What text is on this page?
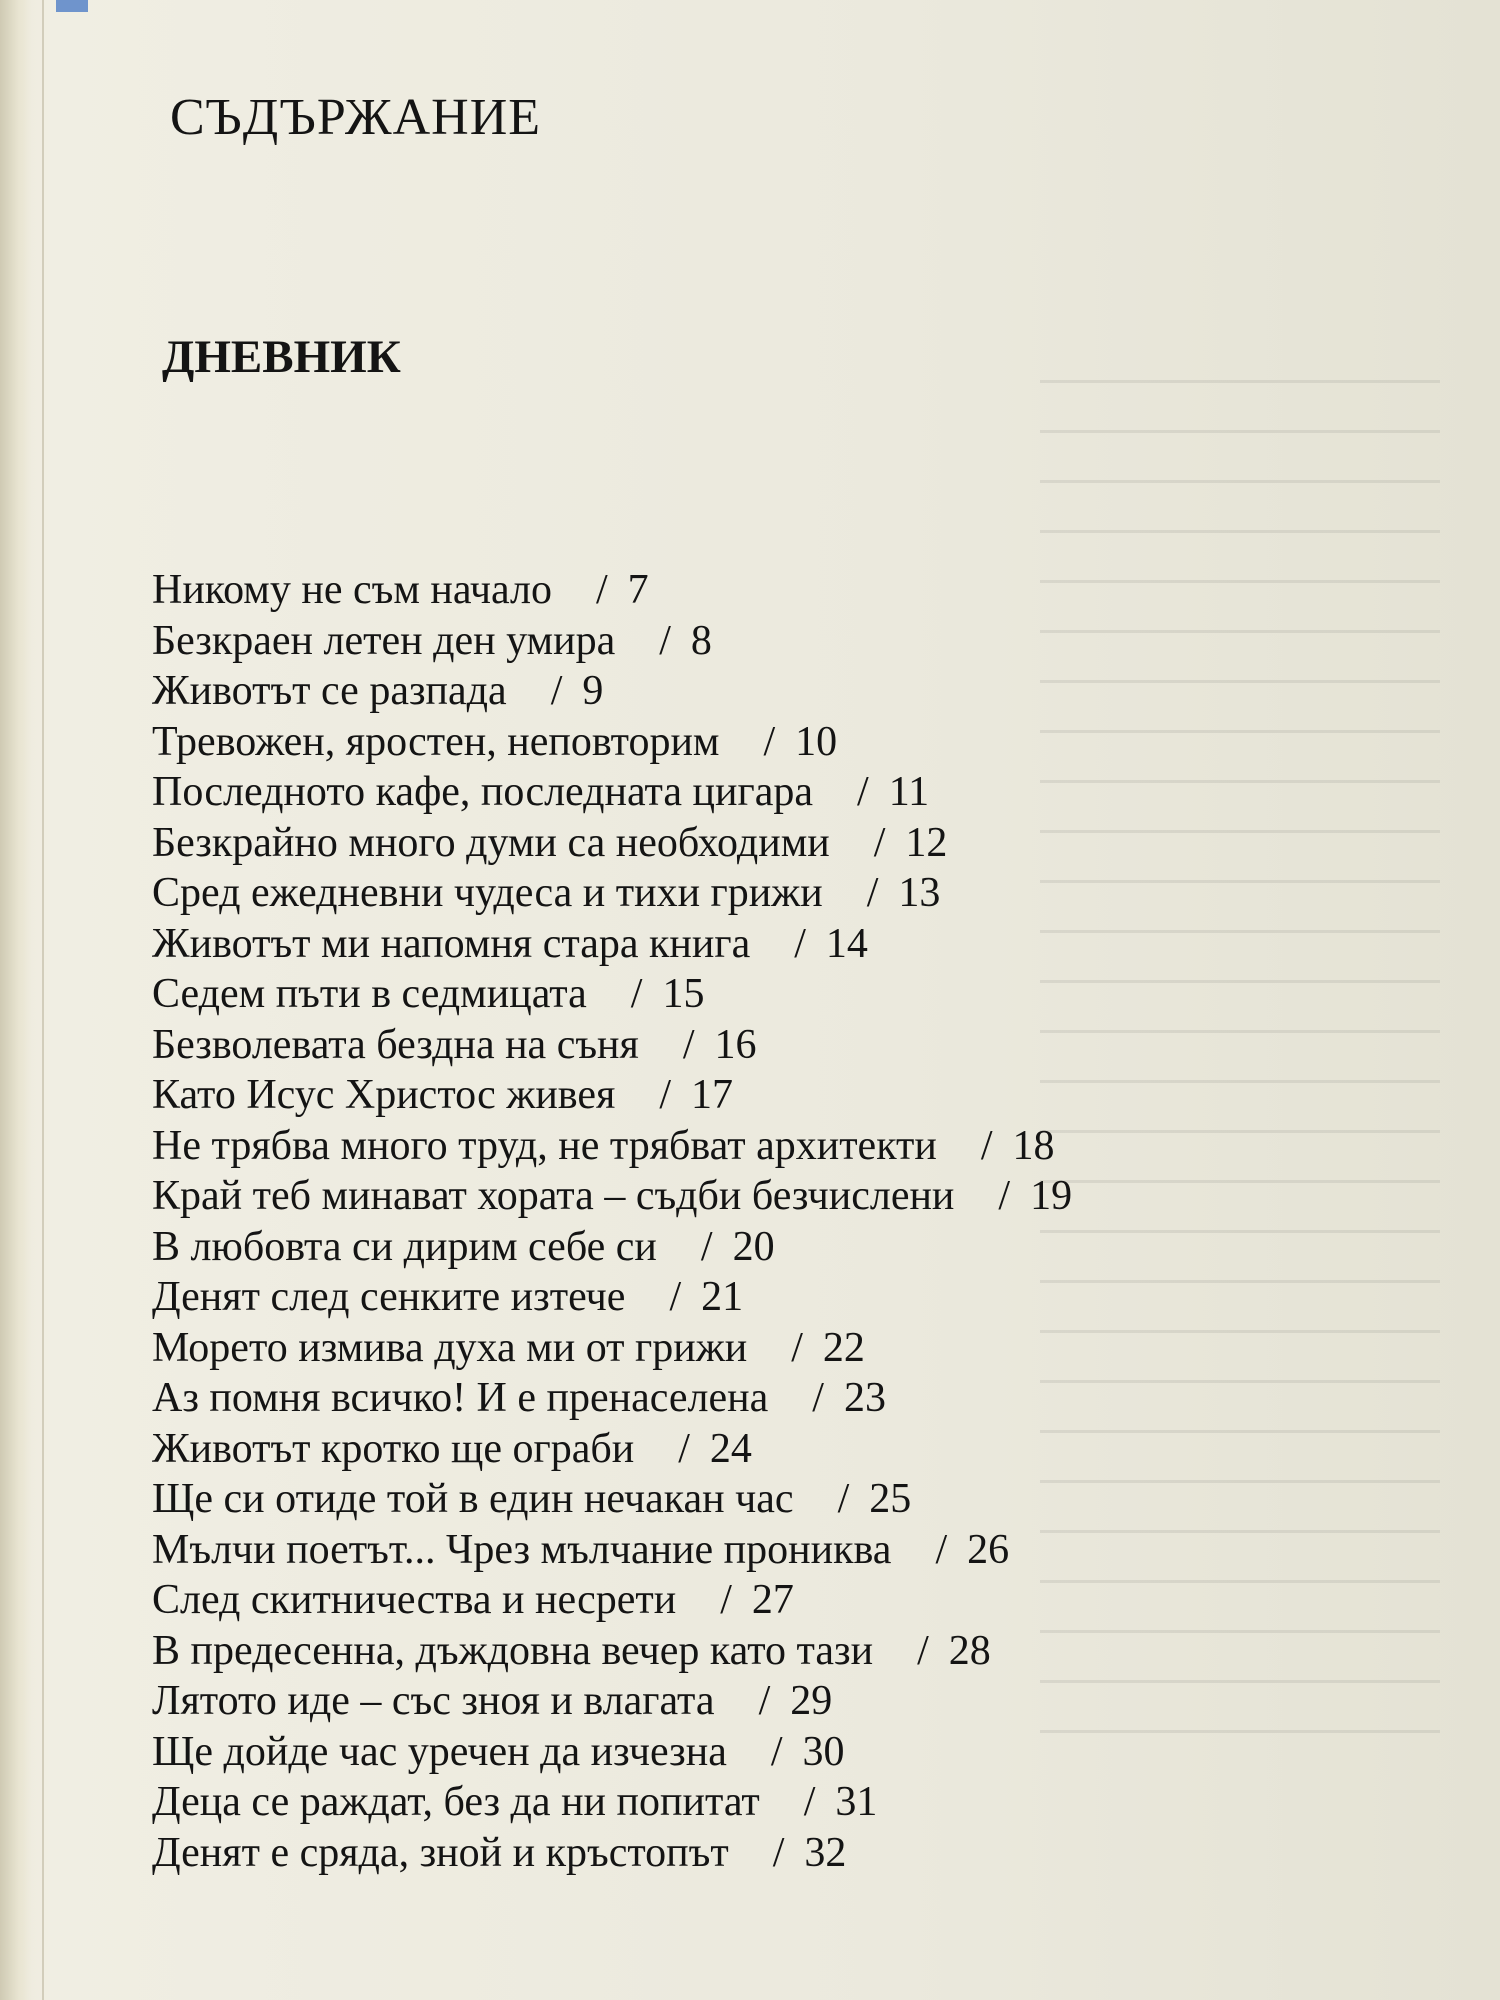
СЪДЪРЖАНИЕ
ДНЕВНИК
Никому не съм начало / 7
Безкраен летен ден умира / 8
Животът се разпада / 9
Тревожен, яростен, неповторим / 10
Последното кафе, последната цигара / 11
Безкрайно много думи са необходими / 12
Сред ежедневни чудеса и тихи грижи / 13
Животът ми напомня стара книга / 14
Седем пъти в седмицата / 15
Безволевата бездна на съня / 16
Като Исус Христос живея / 17
Не трябва много труд, не трябват архитекти / 18
Край теб минават хората – съдби безчислени / 19
В любовта си дирим себе си / 20
Денят след сенките изтече / 21
Морето измива духа ми от грижи / 22
Аз помня всичко! И е пренаселена / 23
Животът кротко ще ограби / 24
Ще си отиде той в един нечакан час / 25
Мълчи поетът... Чрез мълчание прониква / 26
След скитничества и несрети / 27
В предесенна, дъждовна вечер като тази / 28
Лятото иде – със зноя и влагата / 29
Ще дойде час уречен да изчезна / 30
Деца се раждат, без да ни попитат / 31
Денят е сряда, зной и кръстопът / 32
